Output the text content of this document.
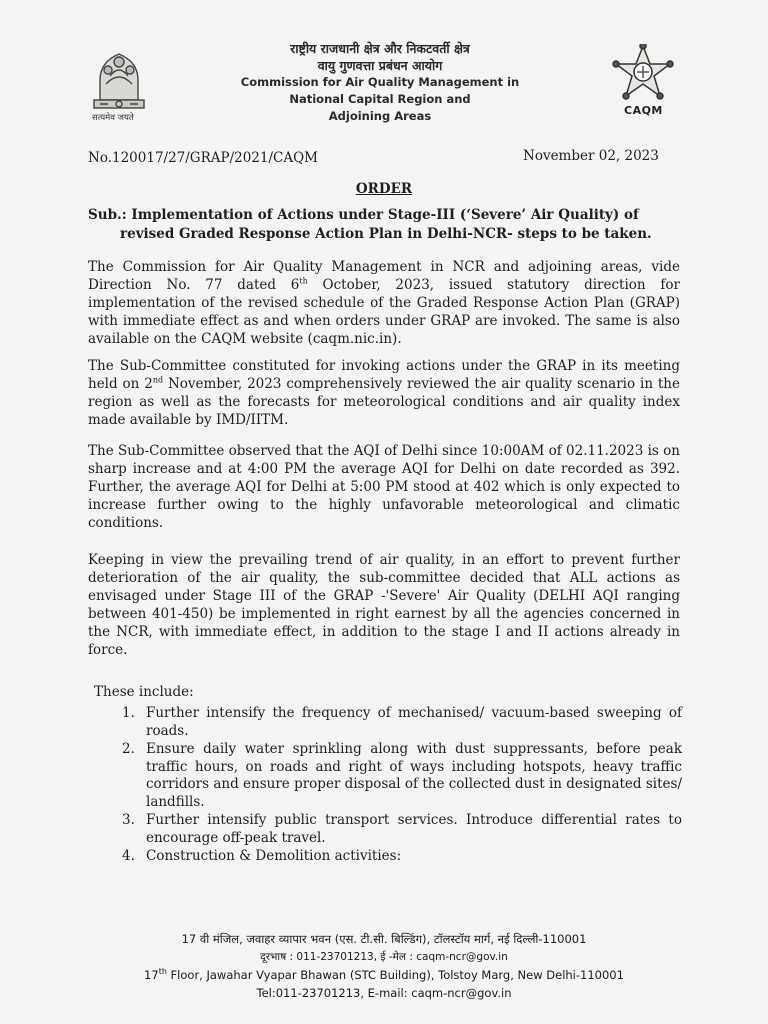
सत्यमेव जयते
राष्ट्रीय राजधानी क्षेत्र और निकटवर्ती क्षेत्र
वायु गुणवत्ता प्रबंधन आयोग
Commission for Air Quality Management in
National Capital Region and
Adjoining Areas	CAQM
No.120017/27/GRAP/2021/CAQM	November 02, 2023
ORDER
Sub.: Implementation of Actions under Stage-III (‘Severe’ Air Quality) of
revised Graded Response Action Plan in Delhi-NCR- steps to be taken.
The Commission for Air Quality Management in NCR and adjoining areas, vide Direction No. 77 dated 6th October, 2023, issued statutory direction for implementation of the revised schedule of the Graded Response Action Plan (GRAP) with immediate effect as and when orders under GRAP are invoked. The same is also available on the CAQM website (caqm.nic.in).
The Sub-Committee constituted for invoking actions under the GRAP in its meeting held on 2nd November, 2023 comprehensively reviewed the air quality scenario in the region as well as the forecasts for meteorological conditions and air quality index made available by IMD/IITM.
The Sub-Committee observed that the AQI of Delhi since 10:00AM of 02.11.2023 is on sharp increase and at 4:00 PM the average AQI for Delhi on date recorded as 392. Further, the average AQI for Delhi at 5:00 PM stood at 402 which is only expected to increase further owing to the highly unfavorable meteorological and climatic conditions.
Keeping in view the prevailing trend of air quality, in an effort to prevent further deterioration of the air quality, the sub-committee decided that ALL actions as envisaged under Stage III of the GRAP -'Severe' Air Quality (DELHI AQI ranging between 401-450) be implemented in right earnest by all the agencies concerned in the NCR, with immediate effect, in addition to the stage I and II actions already in force.
These include:
1. Further intensify the frequency of mechanised/ vacuum-based sweeping of roads.
2. Ensure daily water sprinkling along with dust suppressants, before peak traffic hours, on roads and right of ways including hotspots, heavy traffic corridors and ensure proper disposal of the collected dust in designated sites/ landfills.
3. Further intensify public transport services. Introduce differential rates to encourage off-peak travel.
4. Construction & Demolition activities:
17 वी मंजिल, जवाहर व्यापार भवन (एस. टी.सी. बिल्डिंग), टॉलस्टॉय मार्ग, नई दिल्ली-110001
दूरभाष : 011-23701213, ई -मेल : caqm-ncr@gov.in
17th Floor, Jawahar Vyapar Bhawan (STC Building), Tolstoy Marg, New Delhi-110001
Tel:011-23701213, E-mail: caqm-ncr@gov.in
